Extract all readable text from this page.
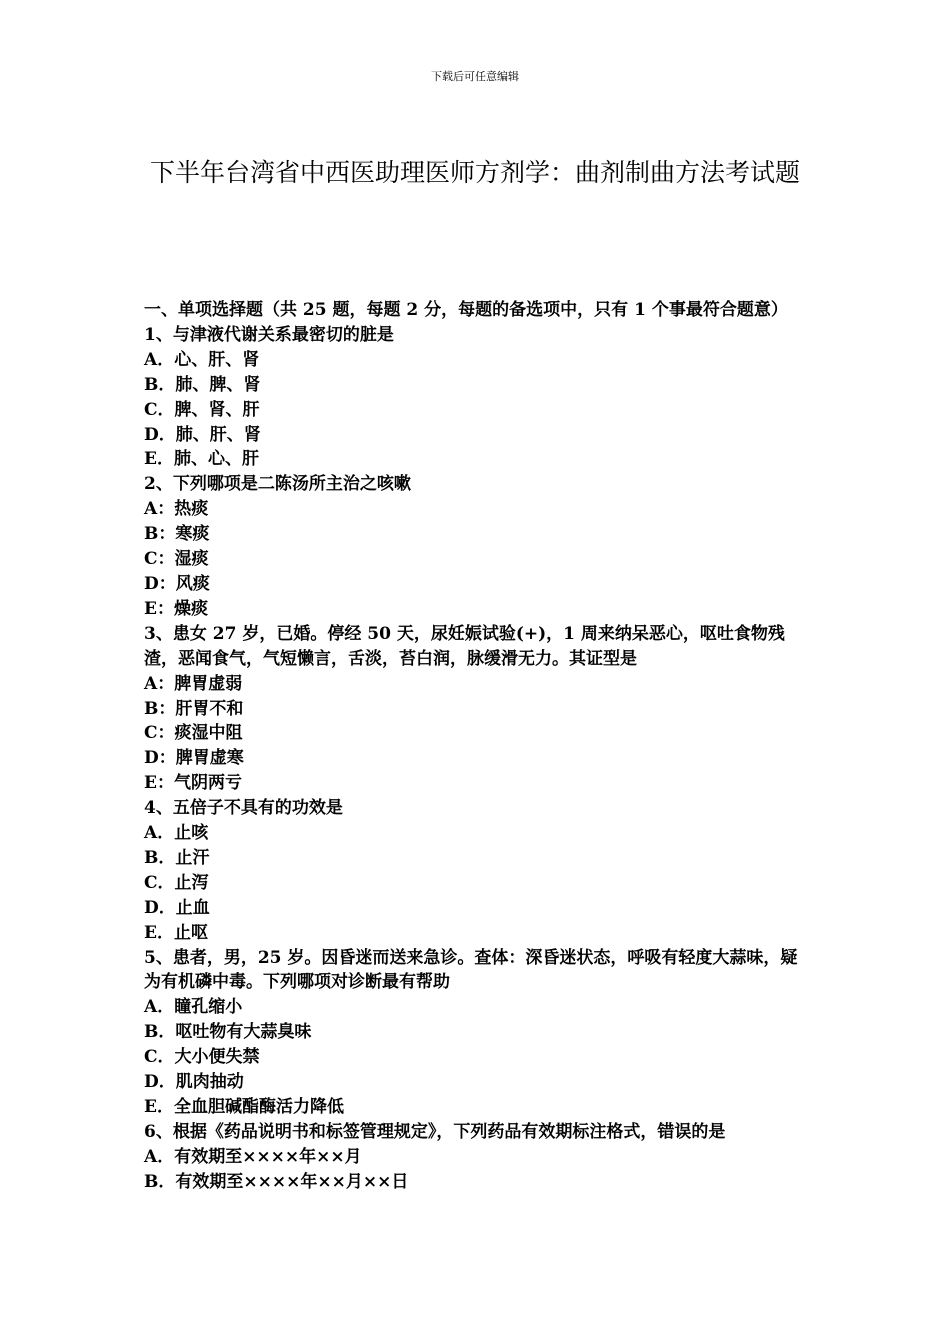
下载后可任意编辑
下半年台湾省中西医助理医师方剂学：曲剂制曲方法考试题

一、单项选择题（共 25 题，每题 2 分，每题的备选项中，只有 1 个事最符合题意）

1、与津液代谢关系最密切的脏是

A．心、肝、肾

B．肺、脾、肾

C．脾、肾、肝

D．肺、肝、肾

E．肺、心、肝

2、下列哪项是二陈汤所主治之咳嗽

A：热痰

B：寒痰

C：湿痰

D：风痰

E：燥痰

3、患女 27 岁，已婚。停经 50 天，尿妊娠试验(+)，1 周来纳呆恶心，呕吐食物残渣，恶闻食气，气短懒言，舌淡，苔白润，脉缓滑无力。其证型是

A：脾胃虚弱

B：肝胃不和

C：痰湿中阻

D：脾胃虚寒

E：气阴两亏

4、五倍子不具有的功效是

A．止咳

B．止汗

C．止泻

D．止血

E．止呕

5、患者，男，25 岁。因昏迷而送来急诊。查体：深昏迷状态，呼吸有轻度大蒜味，疑为有机磷中毒。下列哪项对诊断最有帮助

A．瞳孔缩小

B．呕吐物有大蒜臭味

C．大小便失禁

D．肌肉抽动

E．全血胆碱酯酶活力降低

6、根据《药品说明书和标签管理规定》，下列药品有效期标注格式，错误的是

A．有效期至××××年××月

B．有效期至××××年××月××日
